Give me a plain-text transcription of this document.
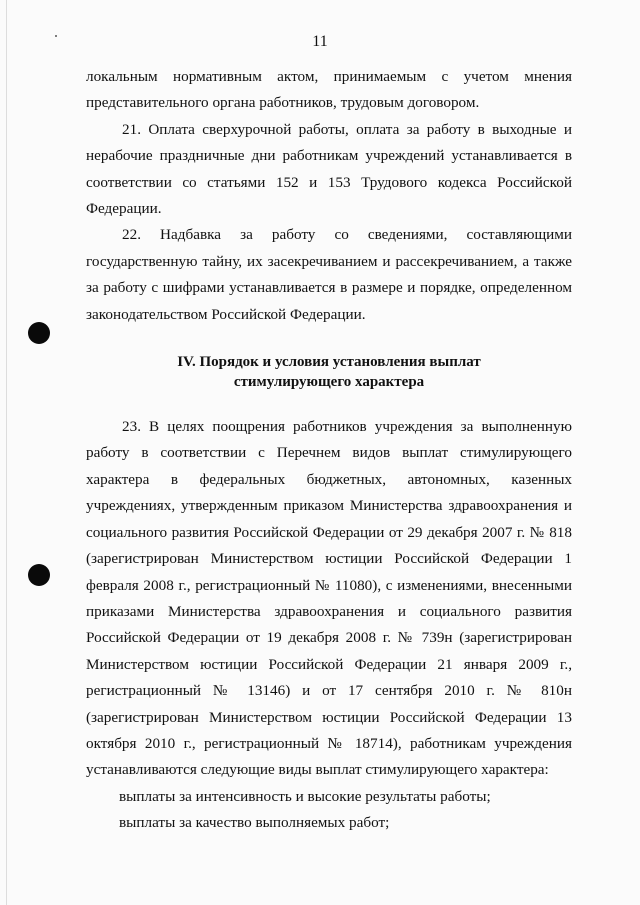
11

локальным нормативным актом, принимаемым с учетом мнения представительного органа работников, трудовым договором.

21. Оплата сверхурочной работы, оплата за работу в выходные и нерабочие праздничные дни работникам учреждений устанавливается в соответствии со статьями 152 и 153 Трудового кодекса Российской Федерации.

22. Надбавка за работу со сведениями, составляющими государственную тайну, их засекречиванием и рассекречиванием, а также за работу с шифрами устанавливается в размере и порядке, определенном законодательством Российской Федерации.

IV. Порядок и условия установления выплат
стимулирующего характера

23. В целях поощрения работников учреждения за выполненную работу в соответствии с Перечнем видов выплат стимулирующего характера в федеральных бюджетных, автономных, казенных учреждениях, утвержденным приказом Министерства здравоохранения и социального развития Российской Федерации от 29 декабря 2007 г. № 818 (зарегистрирован Министерством юстиции Российской Федерации 1 февраля 2008 г., регистрационный № 11080), с изменениями, внесенными приказами Министерства здравоохранения и социального развития Российской Федерации от 19 декабря 2008 г. № 739н (зарегистрирован Министерством юстиции Российской Федерации 21 января 2009 г., регистрационный № 13146) и от 17 сентября 2010 г. № 810н (зарегистрирован Министерством юстиции Российской Федерации 13 октября 2010 г., регистрационный № 18714), работникам учреждения устанавливаются следующие виды выплат стимулирующего характера:

выплаты за интенсивность и высокие результаты работы;

выплаты за качество выполняемых работ;
